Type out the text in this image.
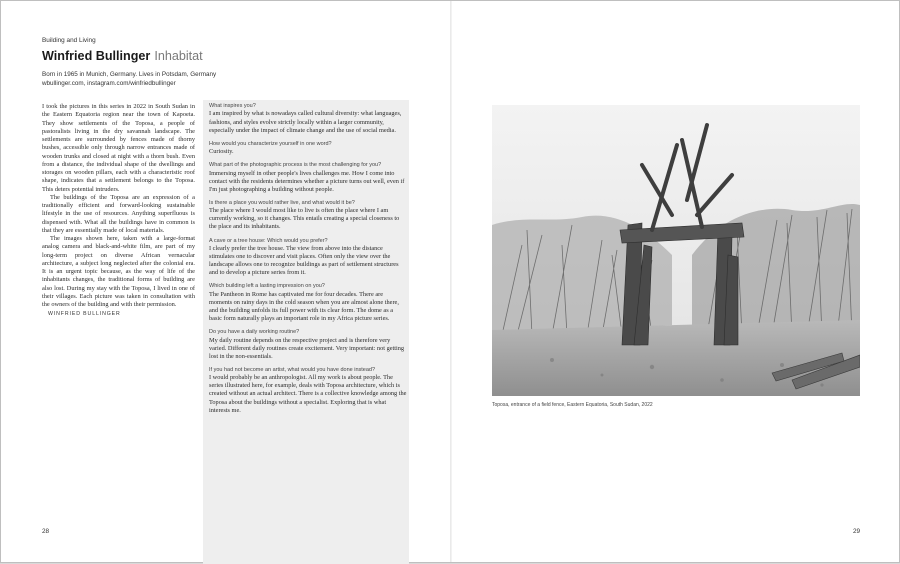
Building and Living
Winfried Bullinger Inhabitat
Born in 1965 in Munich, Germany. Lives in Potsdam, Germany
wbullinger.com, instagram.com/winfriedbullinger

I took the pictures in this series in 2022 in South Sudan in the Eastern Equatoria region near the town of Kapoeta. They show settlements of the Toposa, a people of pastoralists living in the dry savannah landscape. The settlements are surrounded by fences made of thorny bushes, accessible only through narrow entrances made of wooden trunks and closed at night with a thorn bush. Even from a distance, the individual shape of the dwellings and storages on wooden pillars, each with a characteristic roof shape, indicates that a settlement belongs to the Toposa. This deters potential intruders.

The buildings of the Toposa are an expression of a traditionally efficient and forward-looking sustainable lifestyle in the use of resources. Anything superfluous is dispensed with. What all the buildings have in common is that they are essentially made of local materials.

The images shown here, taken with a large-format analog camera and black-and-white film, are part of my long-term project on diverse African vernacular architecture, a subject long neglected after the colonial era. It is an urgent topic because, as the way of life of the inhabitants changes, the traditional forms of building are also lost. During my stay with the Toposa, I lived in one of their villages. Each picture was taken in consultation with the owners of the building and with their permission.

WINFRIED BULLINGER
What inspires you?
I am inspired by what is nowadays called cultural diversity: what languages, fashions, and styles evolve strictly locally within a larger community, especially under the impact of climate change and the use of social media.
How would you characterize yourself in one word?
Curiosity.
What part of the photographic process is the most challenging for you?
Immersing myself in other people's lives challenges me. How I come into contact with the residents determines whether a picture turns out well, even if I'm just photographing a building without people.
Is there a place you would rather live, and what would it be?
The place where I would most like to live is often the place where I am currently working, so it changes. This entails creating a special closeness to the place and its inhabitants.
A cave or a tree house: Which would you prefer?
I clearly prefer the tree house. The view from above into the distance stimulates one to discover and visit places. Often only the view over the landscape allows one to recognize buildings as part of settlement structures and to develop a picture series from it.
Which building left a lasting impression on you?
The Pantheon in Rome has captivated me for four decades. There are moments on rainy days in the cold season when you are almost alone there, and the building unfolds its full power with its clear form. The dome as a basic form naturally plays an important role in my Africa picture series.
Do you have a daily working routine?
My daily routine depends on the respective project and is therefore very varied. Different daily routines create excitement. Very important: not getting lost in the non-essentials.
If you had not become an artist, what would you have done instead?
I would probably be an anthropologist. All my work is about people. The series illustrated here, for example, deals with Toposa architecture, which is created without an actual architect. There is a collective knowledge among the Toposa about the buildings without a specialist. Exploring that is what interests me.
28
Toposa, entrance of a field fence, Eastern Equatoria, South Sudan, 2022
29
